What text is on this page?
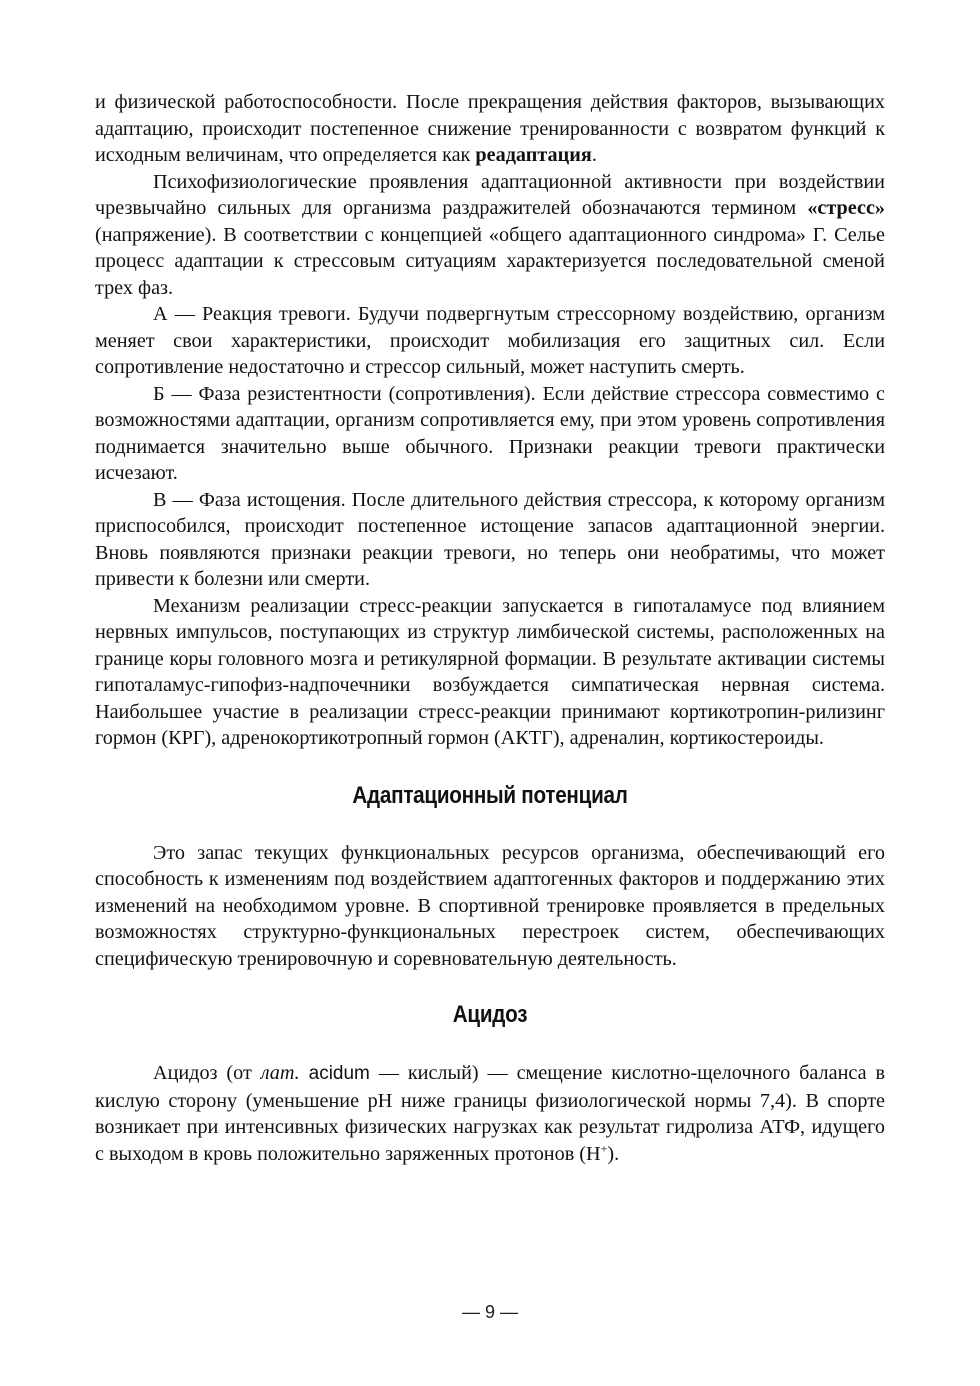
и физической работоспособности. После прекращения действия факторов, вызывающих адаптацию, происходит постепенное снижение тренированности с возвратом функций к исходным величинам, что определяется как реадаптация.

Психофизиологические проявления адаптационной активности при воздействии чрезвычайно сильных для организма раздражителей обозначаются термином «стресс» (напряжение). В соответствии с концепцией «общего адаптационного синдрома» Г. Селье процесс адаптации к стрессовым ситуациям характеризуется последовательной сменой трех фаз.

А — Реакция тревоги. Будучи подвергнутым стрессорному воздействию, организм меняет свои характеристики, происходит мобилизация его защитных сил. Если сопротивление недостаточно и стрессор сильный, может наступить смерть.

Б — Фаза резистентности (сопротивления). Если действие стрессора совместимо с возможностями адаптации, организм сопротивляется ему, при этом уровень сопротивления поднимается значительно выше обычного. Признаки реакции тревоги практически исчезают.

В — Фаза истощения. После длительного действия стрессора, к которому организм приспособился, происходит постепенное истощение запасов адаптационной энергии. Вновь появляются признаки реакции тревоги, но теперь они необратимы, что может привести к болезни или смерти.

Механизм реализации стресс-реакции запускается в гипоталамусе под влиянием нервных импульсов, поступающих из структур лимбической системы, расположенных на границе коры головного мозга и ретикулярной формации. В результате активации системы гипоталамус-гипофиз-надпочечники возбуждается симпатическая нервная система. Наибольшее участие в реализации стресс-реакции принимают кортикотропин-рилизинг гормон (КРГ), адренокортикотропный гормон (АКТГ), адреналин, кортикостероиды.

Адаптационный потенциал

Это запас текущих функциональных ресурсов организма, обеспечивающий его способность к изменениям под воздействием адаптогенных факторов и поддержанию этих изменений на необходимом уровне. В спортивной тренировке проявляется в предельных возможностях структурно-функциональных перестроек систем, обеспечивающих специфическую тренировочную и соревновательную деятельность.

Ацидоз

Ацидоз (от лат. acidum — кислый) — смещение кислотно-щелочного баланса в кислую сторону (уменьшение рН ниже границы физиологической нормы 7,4). В спорте возникает при интенсивных физических нагрузках как результат гидролиза АТФ, идущего с выходом в кровь положительно заряженных протонов (Н+).

— 9 —
